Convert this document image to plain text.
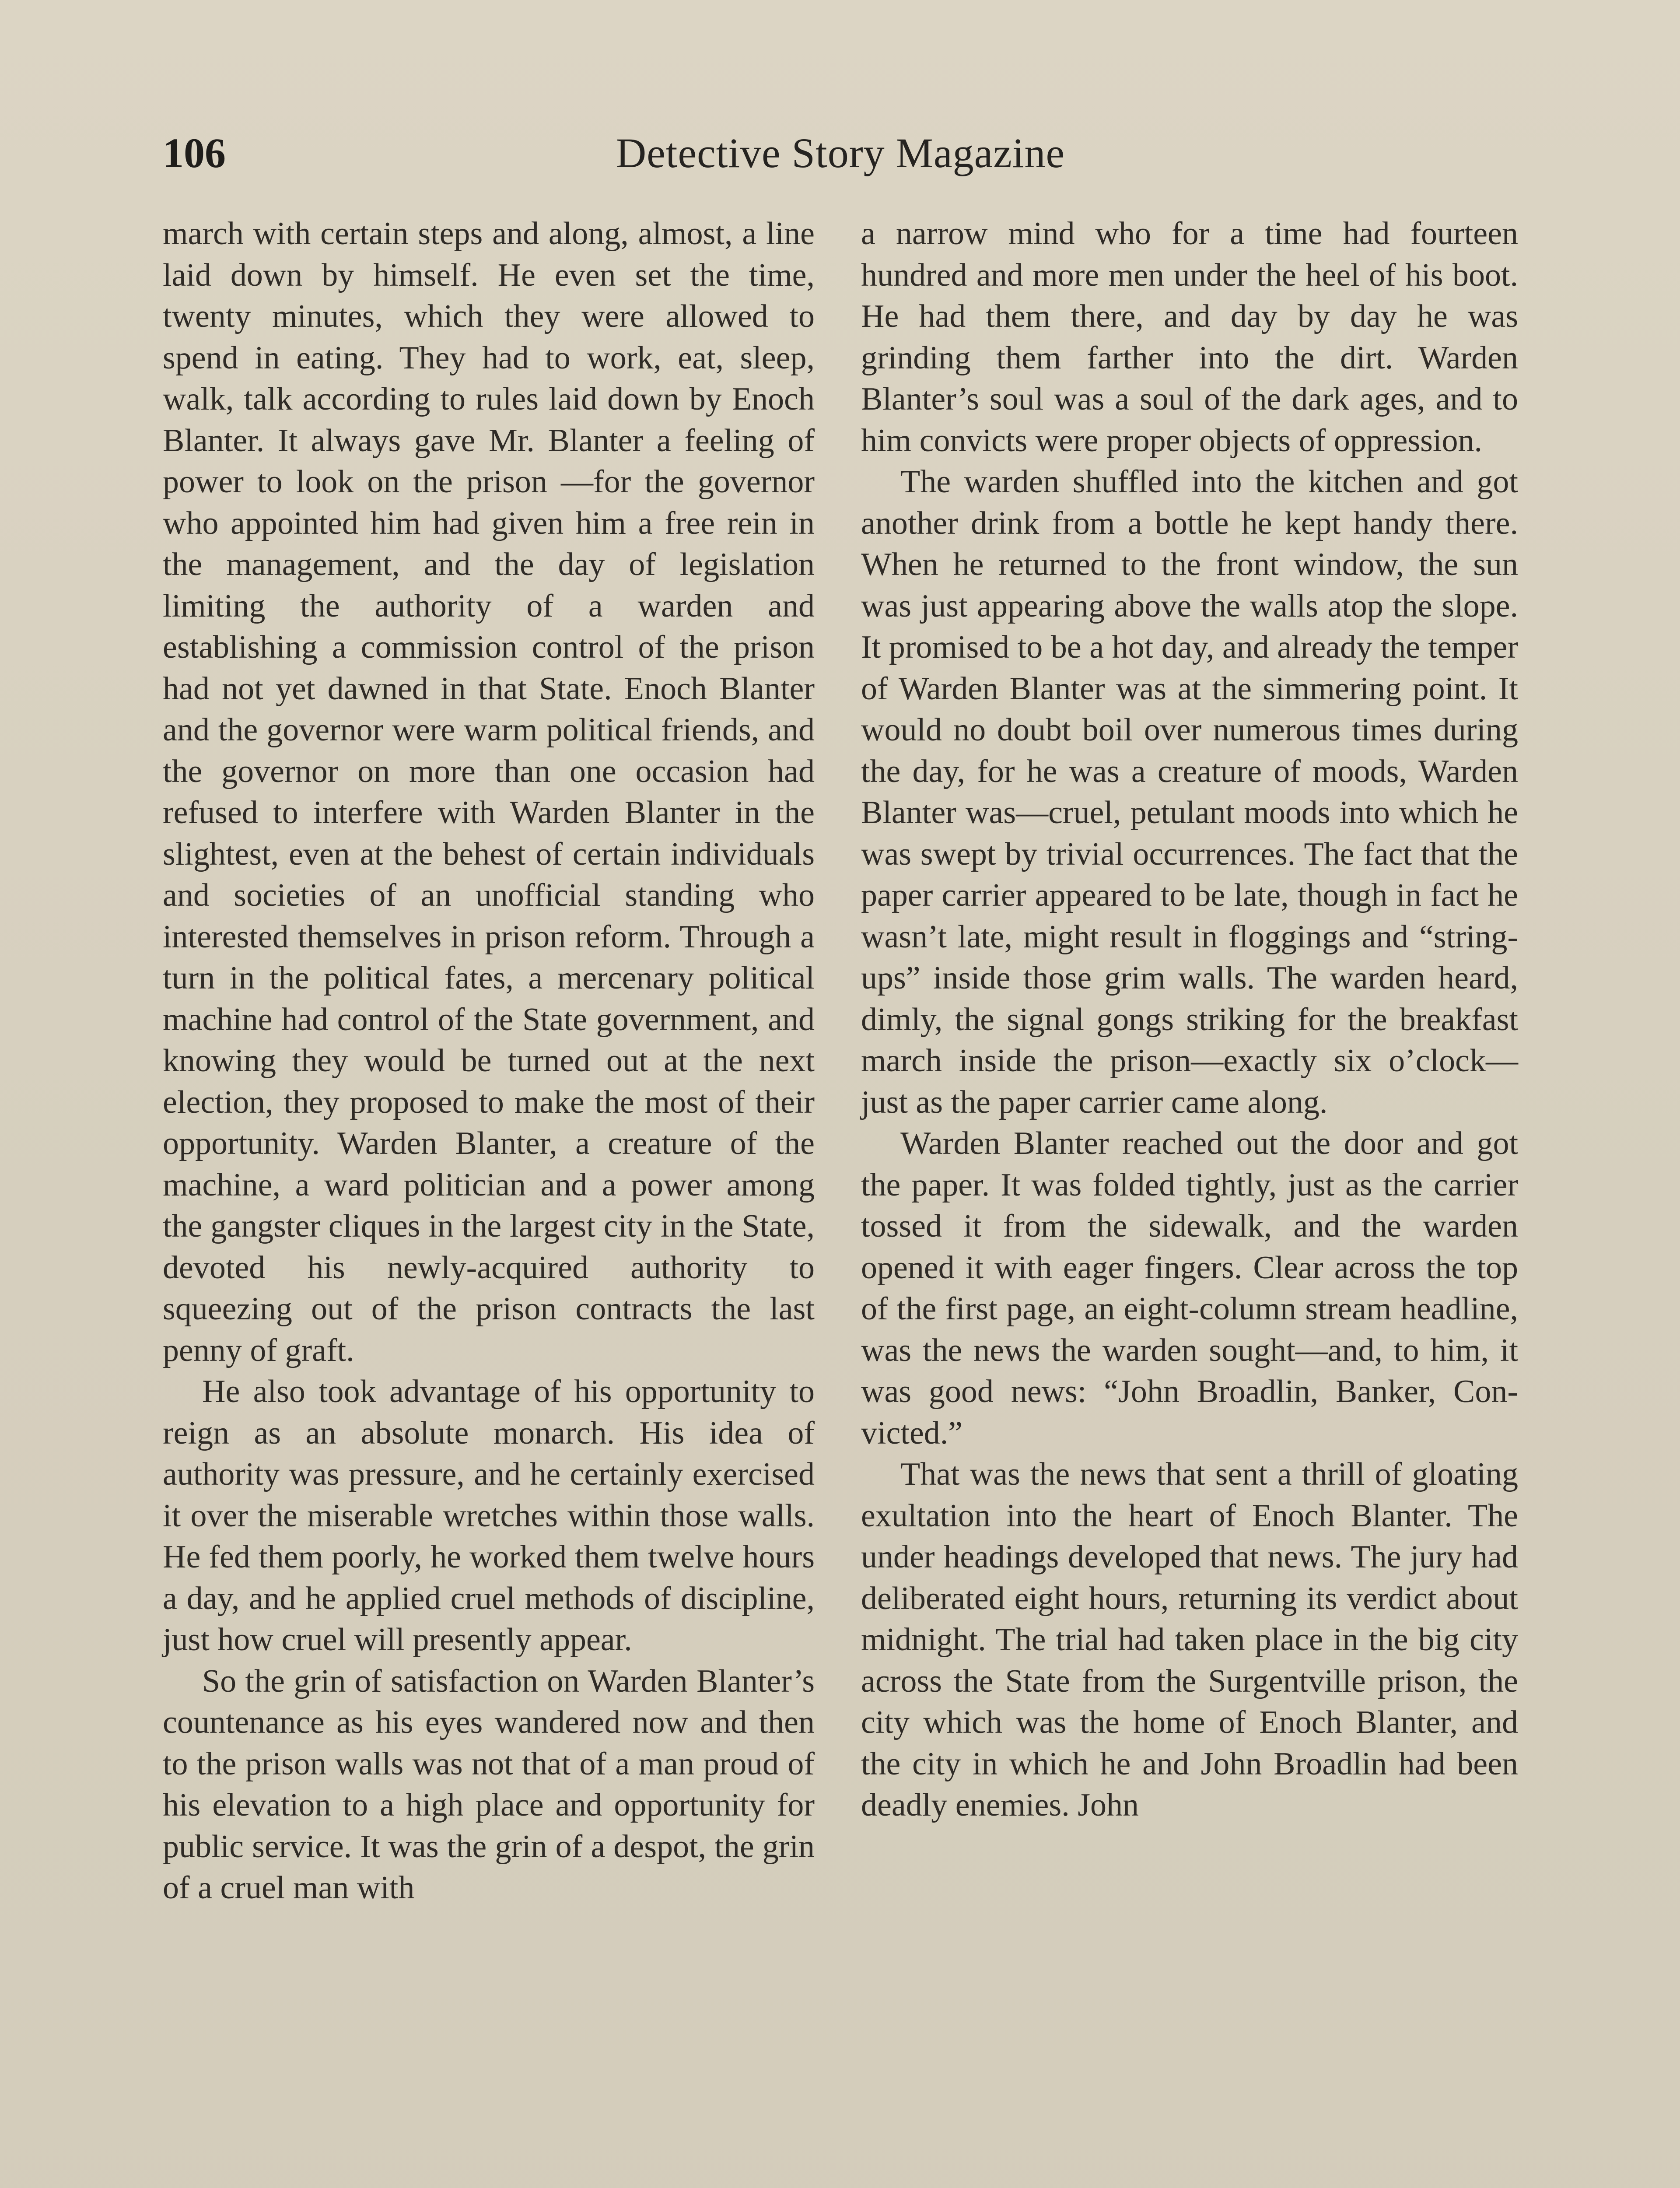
106	Detective Story Magazine

march with certain steps and along, almost, a line laid down by himself. He even set the time, twenty minutes, which they were allowed to spend in eating. They had to work, eat, sleep, walk, talk according to rules laid down by Enoch Blanter. It always gave Mr. Blanter a feeling of power to look on the prison —for the governor who appointed him had given him a free rein in the management, and the day of legislation limiting the authority of a warden and establishing a commission control of the prison had not yet dawned in that State. Enoch Blanter and the governor were warm political friends, and the governor on more than one occasion had refused to interfere with Warden Blanter in the slightest, even at the behest of certain individuals and societies of an unofficial standing who interested themselves in prison reform. Through a turn in the political fates, a mercenary political machine had control of the State government, and knowing they would be turned out at the next election, they proposed to make the most of their opportunity. Warden Blanter, a creature of the machine, a ward politician and a power among the gangster cliques in the largest city in the State, devoted his newly-acquired authority to squeezing out of the prison contracts the last penny of graft.

He also took advantage of his opportunity to reign as an absolute monarch. His idea of authority was pressure, and he certainly exercised it over the miserable wretches within those walls. He fed them poorly, he worked them twelve hours a day, and he applied cruel methods of discipline, just how cruel will presently appear.

So the grin of satisfaction on Warden Blanter’s countenance as his eyes wandered now and then to the prison walls was not that of a man proud of his elevation to a high place and opportunity for public service. It was the grin of a despot, the grin of a cruel man with

a narrow mind who for a time had fourteen hundred and more men under the heel of his boot. He had them there, and day by day he was grinding them farther into the dirt. Warden Blanter’s soul was a soul of the dark ages, and to him convicts were proper objects of oppression.

The warden shuffled into the kitchen and got another drink from a bottle he kept handy there. When he returned to the front window, the sun was just appearing above the walls atop the slope. It promised to be a hot day, and already the temper of Warden Blanter was at the simmering point. It would no doubt boil over numerous times during the day, for he was a creature of moods, Warden Blanter was—cruel, petulant moods into which he was swept by trivial occurrences. The fact that the paper carrier appeared to be late, though in fact he wasn’t late, might result in floggings and “string-ups” inside those grim walls. The warden heard, dimly, the signal gongs striking for the breakfast march inside the prison—exactly six o’clock—just as the paper carrier came along.

Warden Blanter reached out the door and got the paper. It was folded tightly, just as the carrier tossed it from the sidewalk, and the warden opened it with eager fingers. Clear across the top of the first page, an eight-column stream headline, was the news the warden sought—and, to him, it was good news: “John Broadlin, Banker, Convicted.”

That was the news that sent a thrill of gloating exultation into the heart of Enoch Blanter. The under headings developed that news. The jury had deliberated eight hours, returning its verdict about midnight. The trial had taken place in the big city across the State from the Surgentville prison, the city which was the home of Enoch Blanter, and the city in which he and John Broadlin had been deadly enemies. John
